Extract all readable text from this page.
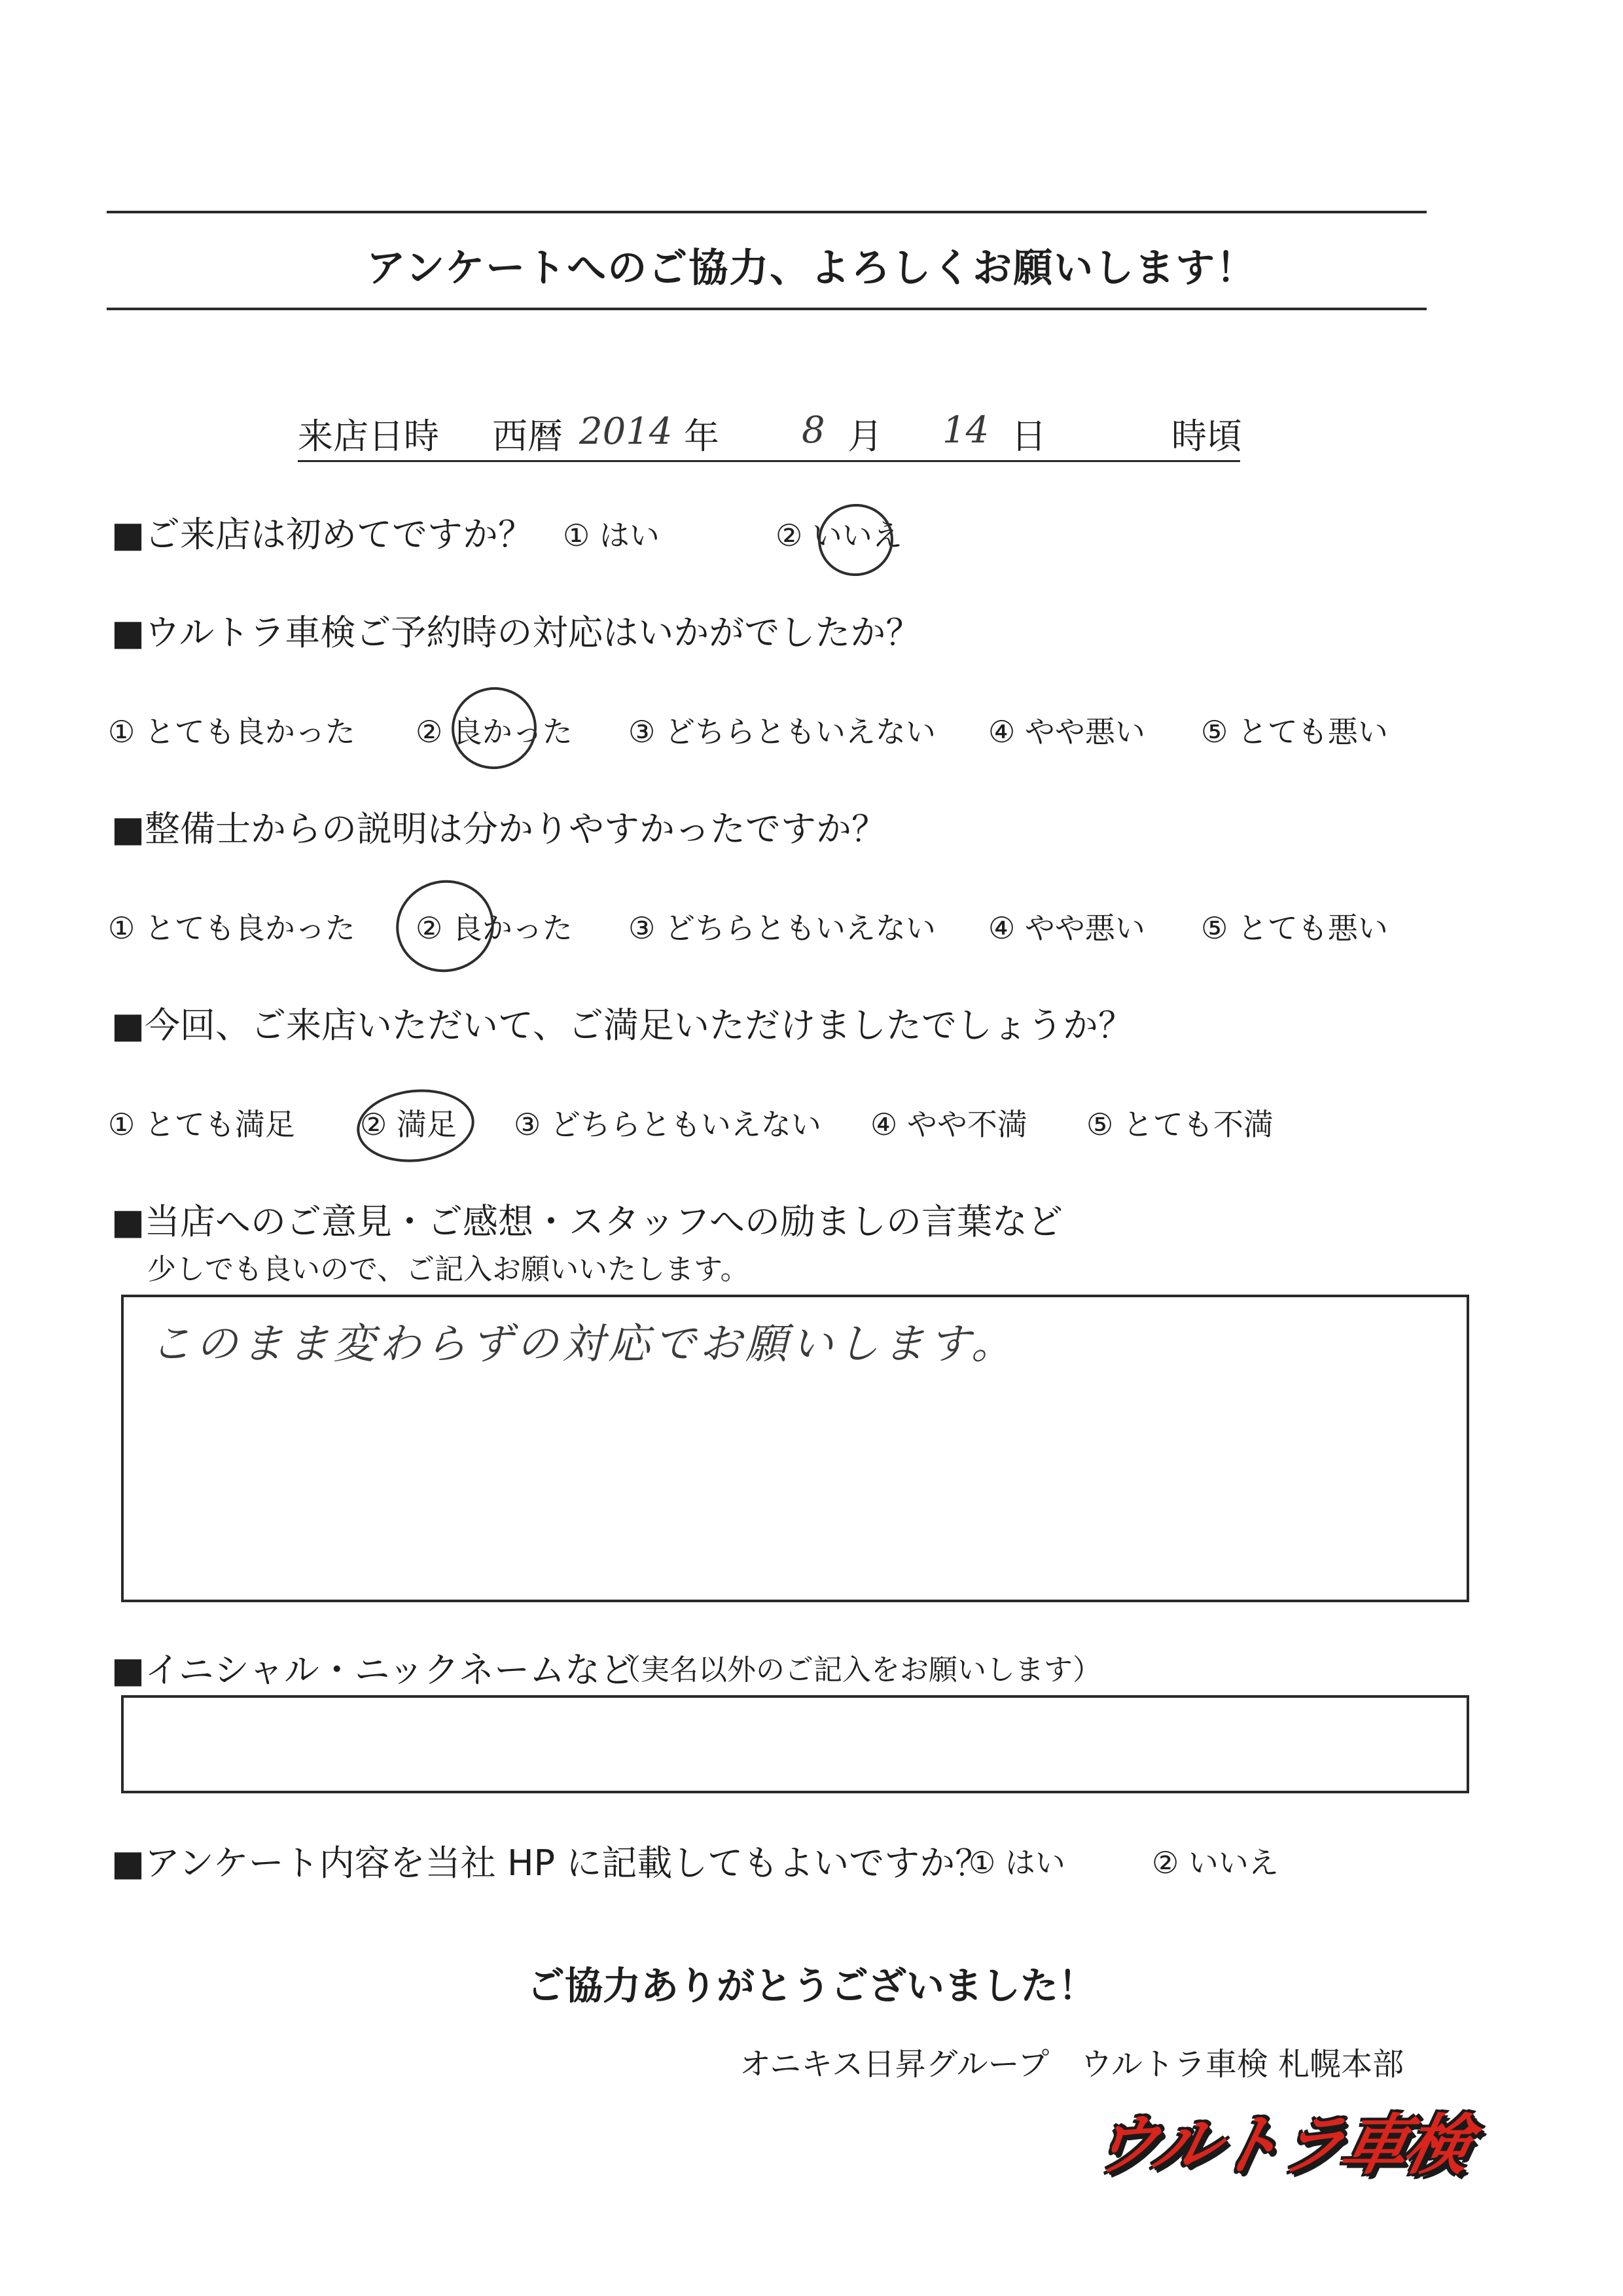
アンケートへのご協力、よろしくお願いします！
来店日時 西暦 2014 年 8 月 14 日	時頃
■ご来店は初めてですか？ ① はい	② いいえ
■ウルトラ車検ご予約時の対応はいかがでしたか？
① とても良かった ② 良かった ③ どちらともいえない ④ やや悪い ⑤ とても悪い
■整備士からの説明は分かりやすかったですか？
① とても良かった ② 良かった ③ どちらともいえない ④ やや悪い ⑤ とても悪い
■今回、ご来店いただいて、ご満足いただけましたでしょうか？
① とても満足 ② 満足 ③ どちらともいえない ④ やや不満 ⑤ とても不満
■当店へのご意見・ご感想・スタッフへの励ましの言葉など
少しでも良いので、ご記入お願いいたします。
このまま変わらずの対応でお願いします。
■イニシャル・ニックネームなど
（実名以外のご記入をお願いします）
■アンケート内容を当社 HP に記載してもよいですか？
① はい	② いいえ
ご協力ありがとうございました！
オニキス日昇グループ　ウルトラ車検 札幌本部
ウルトラ車検
